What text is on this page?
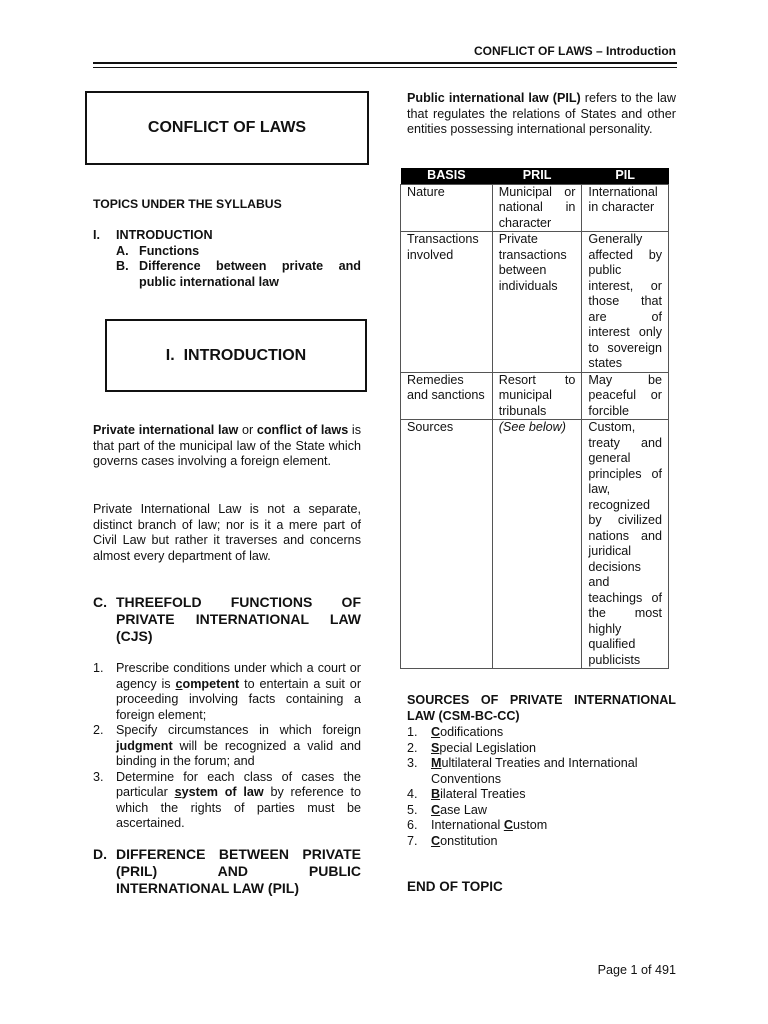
CONFLICT OF LAWS – Introduction
CONFLICT OF LAWS
TOPICS UNDER THE SYLLABUS
I.	INTRODUCTION
A. Functions
B. Difference between private and public international law
I.  INTRODUCTION

Private international law or conflict of laws is that part of the municipal law of the State which governs cases involving a foreign element.

Private International Law is not a separate, distinct branch of law; nor is it a mere part of Civil Law but rather it traverses and concerns almost every department of law.

C. THREEFOLD FUNCTIONS OF PRIVATE INTERNATIONAL LAW
(CJS)
1. Prescribe conditions under which a court or agency is competent to entertain a suit or proceeding involving facts containing a foreign element;
2. Specify circumstances in which foreign judgment will be recognized a valid and binding in the forum; and
3. Determine for each class of cases the particular system of law by reference to which the rights of parties must be ascertained.
D. DIFFERENCE BETWEEN PRIVATE (PRIL) AND PUBLIC
INTERNATIONAL LAW (PIL)

Public international law (PIL) refers to the law that regulates the relations of States and other entities possessing international personality.

BASIS	PRIL	PIL
Nature	Municipal or national in character	International in character
Transactions involved	Private transactions between individuals	Generally affected by public interest, or those that are of interest only to sovereign states
Remedies and sanctions	Resort to municipal tribunals	May be peaceful or forcible
Sources	(See below)	Custom, treaty and general principles of law, recognized by civilized nations and juridical decisions and teachings of the most highly qualified publicists
SOURCES OF PRIVATE INTERNATIONAL LAW (CSM-BC-CC)
1.	Codifications
2.	Special Legislation
3.	Multilateral Treaties and International Conventions
4.	Bilateral Treaties
5.	Case Law
6.	International Custom
7.	Constitution
END OF TOPIC
Page 1 of 491
